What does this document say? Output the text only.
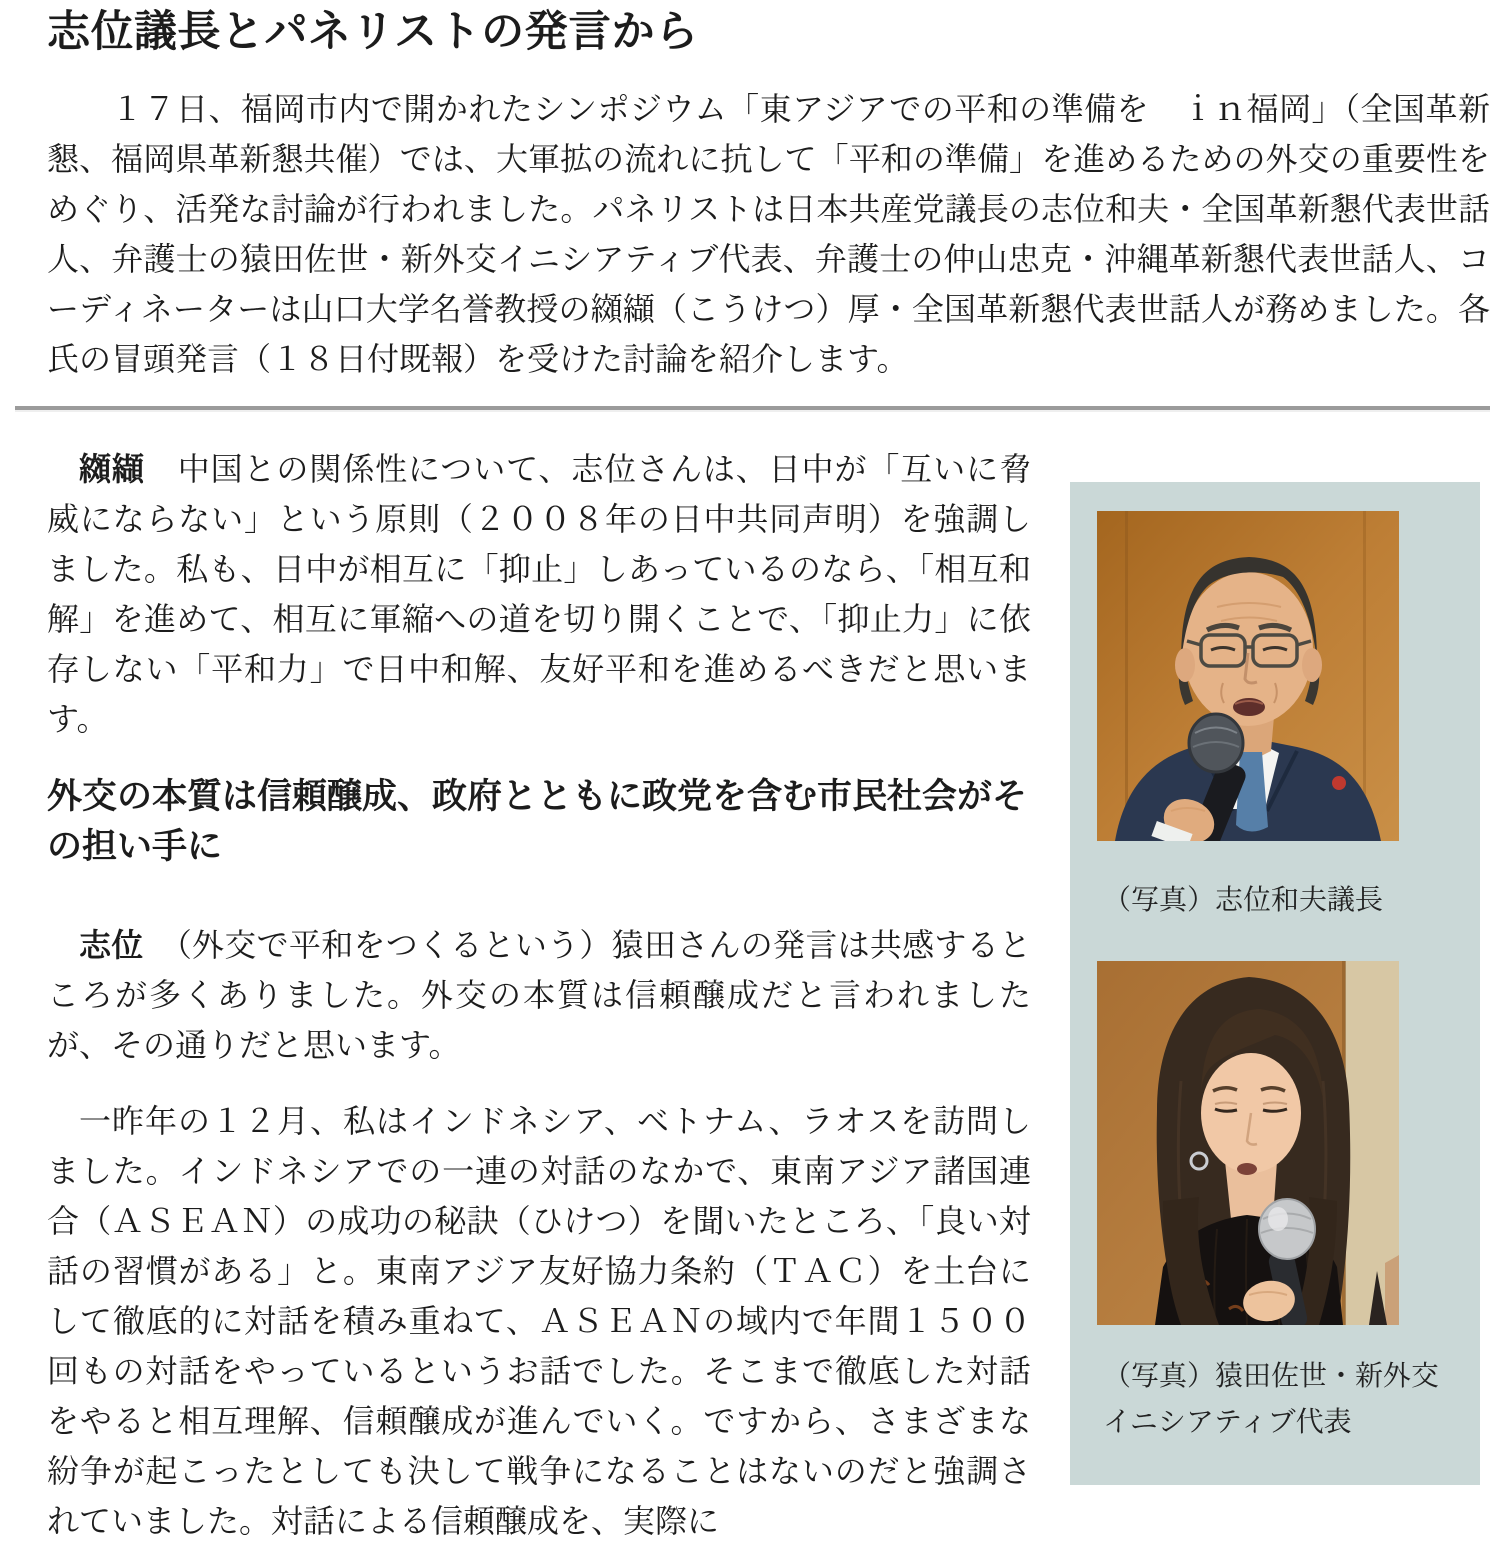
志位議長とパネリストの発言から

１７日、福岡市内で開かれたシンポジウム「東アジアでの平和の準備を　ｉｎ福岡」（全国革新懇、福岡県革新懇共催）では、大軍拡の流れに抗して「平和の準備」を進めるための外交の重要性をめぐり、活発な討論が行われました。パネリストは日本共産党議長の志位和夫・全国革新懇代表世話人、弁護士の猿田佐世・新外交イニシアティブ代表、弁護士の仲山忠克・沖縄革新懇代表世話人、コーディネーターは山口大学名誉教授の纐纈（こうけつ）厚・全国革新懇代表世話人が務めました。各氏の冒頭発言（１８日付既報）を受けた討論を紹介します。

（写真）志位和夫議長

（写真）猿田佐世・新外交イニシアティブ代表

纐纈　中国との関係性について、志位さんは、日中が「互いに脅威にならない」という原則（２００８年の日中共同声明）を強調しました。私も、日中が相互に「抑止」しあっているのなら、「相互和解」を進めて、相互に軍縮への道を切り開くことで、「抑止力」に依存しない「平和力」で日中和解、友好平和を進めるべきだと思います。

外交の本質は信頼醸成、政府とともに政党を含む市民社会がその担い手に

志位　（外交で平和をつくるという）猿田さんの発言は共感するところが多くありました。外交の本質は信頼醸成だと言われましたが、その通りだと思います。

一昨年の１２月、私はインドネシア、ベトナム、ラオスを訪問しました。インドネシアでの一連の対話のなかで、東南アジア諸国連合（ＡＳＥＡＮ）の成功の秘訣（ひけつ）を聞いたところ、「良い対話の習慣がある」と。東南アジア友好協力条約（ＴＡＣ）を土台にして徹底的に対話を積み重ねて、ＡＳＥＡＮの域内で年間１５００回もの対話をやっているというお話でした。そこまで徹底した対話をやると相互理解、信頼醸成が進んでいく。ですから、さまざまな紛争が起こったとしても決して戦争になることはないのだと強調されていました。対話による信頼醸成を、実際に
